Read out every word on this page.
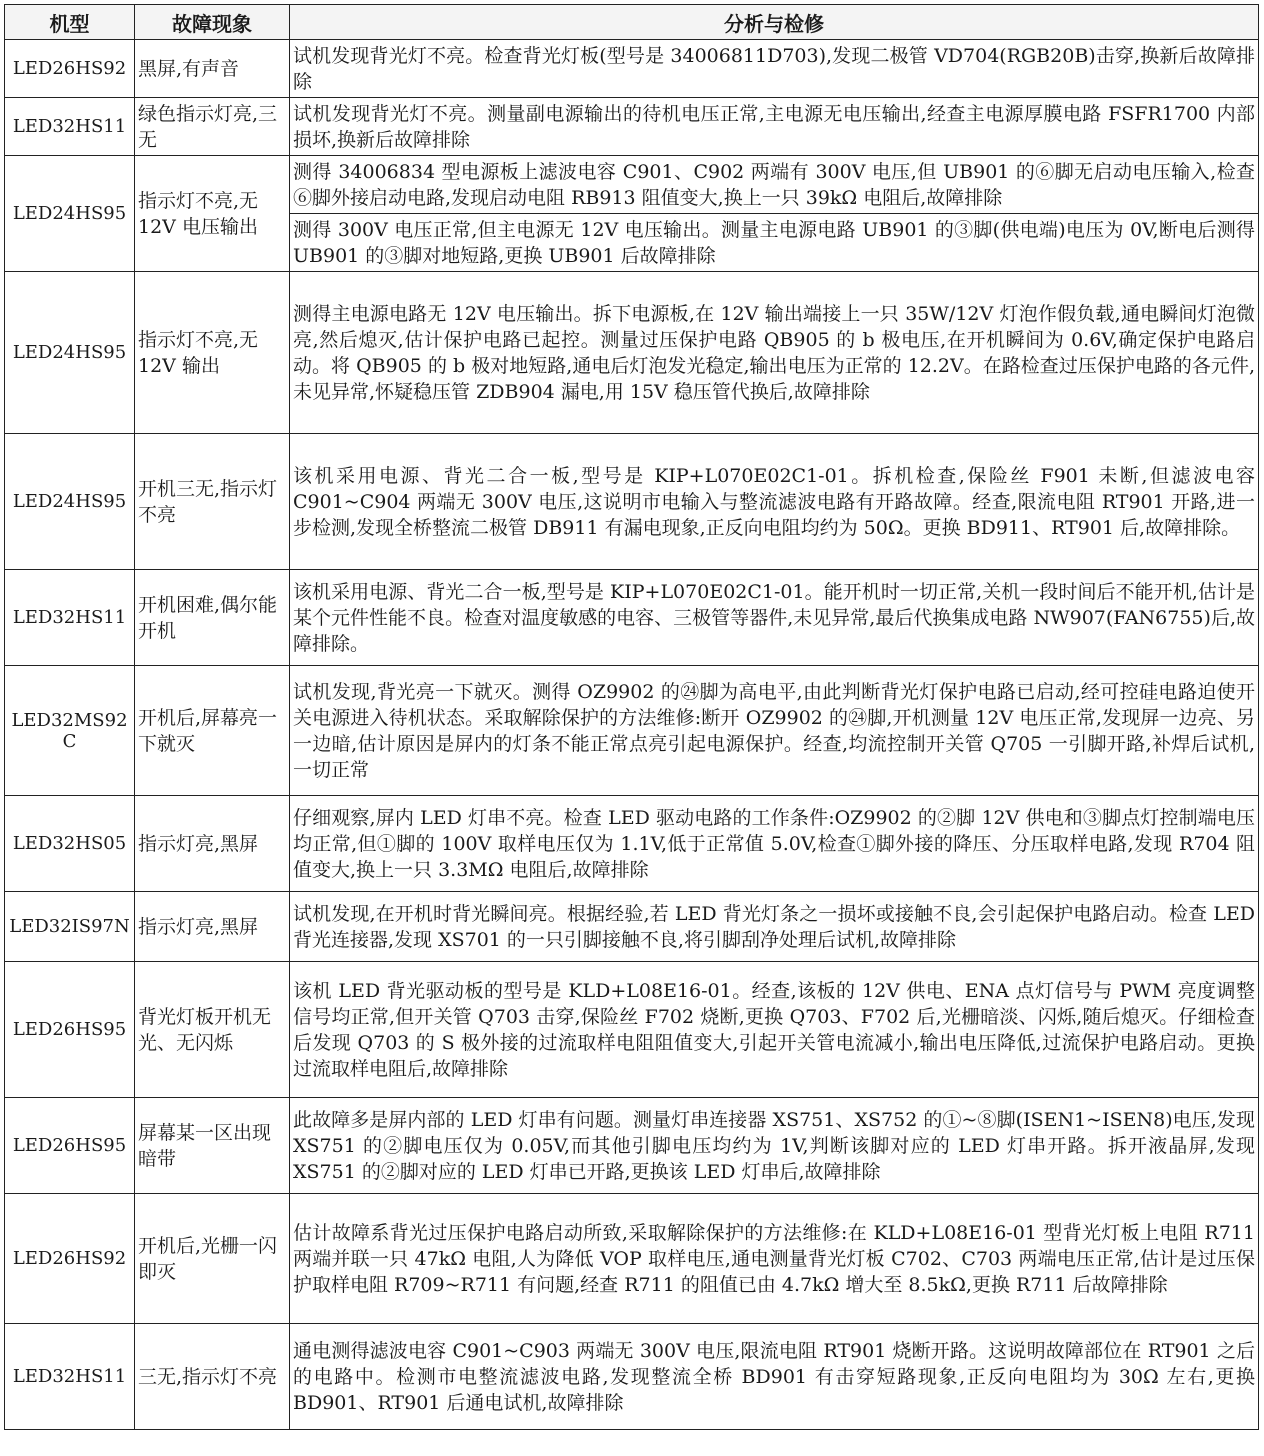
机型	故障现象	分析与检修
LED26HS92	黑屏,有声音	试机发现背光灯不亮。检查背光灯板(型号是 34006811D703),发现二极管 VD704(RGB20B)击穿,换新后故障排除
LED32HS11	绿色指示灯亮,三无	试机发现背光灯不亮。测量副电源输出的待机电压正常,主电源无电压输出,经查主电源厚膜电路 FSFR1700 内部损坏,换新后故障排除
LED24HS95	指示灯不亮,无12V 电压输出	测得 34006834 型电源板上滤波电容 C901、C902 两端有 300V 电压,但 UB901 的⑥脚无启动电压输入,检查⑥脚外接启动电路,发现启动电阻 RB913 阻值变大,换上一只 39kΩ 电阻后,故障排除
		测得 300V 电压正常,但主电源无 12V 电压输出。测量主电源电路 UB901 的③脚(供电端)电压为 0V,断电后测得 UB901 的③脚对地短路,更换 UB901 后故障排除
LED24HS95	指示灯不亮,无12V 输出	测得主电源电路无 12V 电压输出。拆下电源板,在 12V 输出端接上一只 35W/12V 灯泡作假负载,通电瞬间灯泡微亮,然后熄灭,估计保护电路已起控。测量过压保护电路 QB905 的 b 极电压,在开机瞬间为 0.6V,确定保护电路启动。将 QB905 的 b 极对地短路,通电后灯泡发光稳定,输出电压为正常的 12.2V。在路检查过压保护电路的各元件,未见异常,怀疑稳压管 ZDB904 漏电,用 15V 稳压管代换后,故障排除
LED24HS95	开机三无,指示灯不亮	该机采用电源、背光二合一板,型号是 KIP+L070E02C1-01。拆机检查,保险丝 F901 未断,但滤波电容 C901~C904 两端无 300V 电压,这说明市电输入与整流滤波电路有开路故障。经查,限流电阻 RT901 开路,进一步检测,发现全桥整流二极管 DB911 有漏电现象,正反向电阻均约为 50Ω。更换 BD911、RT901 后,故障排除。
LED32HS11	开机困难,偶尔能开机	该机采用电源、背光二合一板,型号是 KIP+L070E02C1-01。能开机时一切正常,关机一段时间后不能开机,估计是某个元件性能不良。检查对温度敏感的电容、三极管等器件,未见异常,最后代换集成电路 NW907(FAN6755)后,故障排除。
LED32MS92C	开机后,屏幕亮一下就灭	试机发现,背光亮一下就灭。测得 OZ9902 的㉔脚为高电平,由此判断背光灯保护电路已启动,经可控硅电路迫使开关电源进入待机状态。采取解除保护的方法维修:断开 OZ9902 的㉔脚,开机测量 12V 电压正常,发现屏一边亮、另一边暗,估计原因是屏内的灯条不能正常点亮引起电源保护。经查,均流控制开关管 Q705 一引脚开路,补焊后试机,一切正常
LED32HS05	指示灯亮,黑屏	仔细观察,屏内 LED 灯串不亮。检查 LED 驱动电路的工作条件:OZ9902 的②脚 12V 供电和③脚点灯控制端电压均正常,但①脚的 100V 取样电压仅为 1.1V,低于正常值 5.0V,检查①脚外接的降压、分压取样电路,发现 R704 阻值变大,换上一只 3.3MΩ 电阻后,故障排除
LED32IS97N	指示灯亮,黑屏	试机发现,在开机时背光瞬间亮。根据经验,若 LED 背光灯条之一损坏或接触不良,会引起保护电路启动。检查 LED 背光连接器,发现 XS701 的一只引脚接触不良,将引脚刮净处理后试机,故障排除
LED26HS95	背光灯板开机无光、无闪烁	该机 LED 背光驱动板的型号是 KLD+L08E16-01。经查,该板的 12V 供电、ENA 点灯信号与 PWM 亮度调整信号均正常,但开关管 Q703 击穿,保险丝 F702 烧断,更换 Q703、F702 后,光栅暗淡、闪烁,随后熄灭。仔细检查后发现 Q703 的 S 极外接的过流取样电阻阻值变大,引起开关管电流减小,输出电压降低,过流保护电路启动。更换过流取样电阻后,故障排除
LED26HS95	屏幕某一区出现暗带	此故障多是屏内部的 LED 灯串有问题。测量灯串连接器 XS751、XS752 的①~⑧脚(ISEN1~ISEN8)电压,发现 XS751 的②脚电压仅为 0.05V,而其他引脚电压均约为 1V,判断该脚对应的 LED 灯串开路。拆开液晶屏,发现 XS751 的②脚对应的 LED 灯串已开路,更换该 LED 灯串后,故障排除
LED26HS92	开机后,光栅一闪即灭	估计故障系背光过压保护电路启动所致,采取解除保护的方法维修:在 KLD+L08E16-01 型背光灯板上电阻 R711 两端并联一只 47kΩ 电阻,人为降低 VOP 取样电压,通电测量背光灯板 C702、C703 两端电压正常,估计是过压保护取样电阻 R709~R711 有问题,经查 R711 的阻值已由 4.7kΩ 增大至 8.5kΩ,更换 R711 后故障排除
LED32HS11	三无,指示灯不亮	通电测得滤波电容 C901~C903 两端无 300V 电压,限流电阻 RT901 烧断开路。这说明故障部位在 RT901 之后的电路中。检测市电整流滤波电路,发现整流全桥 BD901 有击穿短路现象,正反向电阻均为 30Ω 左右,更换 BD901、RT901 后通电试机,故障排除
